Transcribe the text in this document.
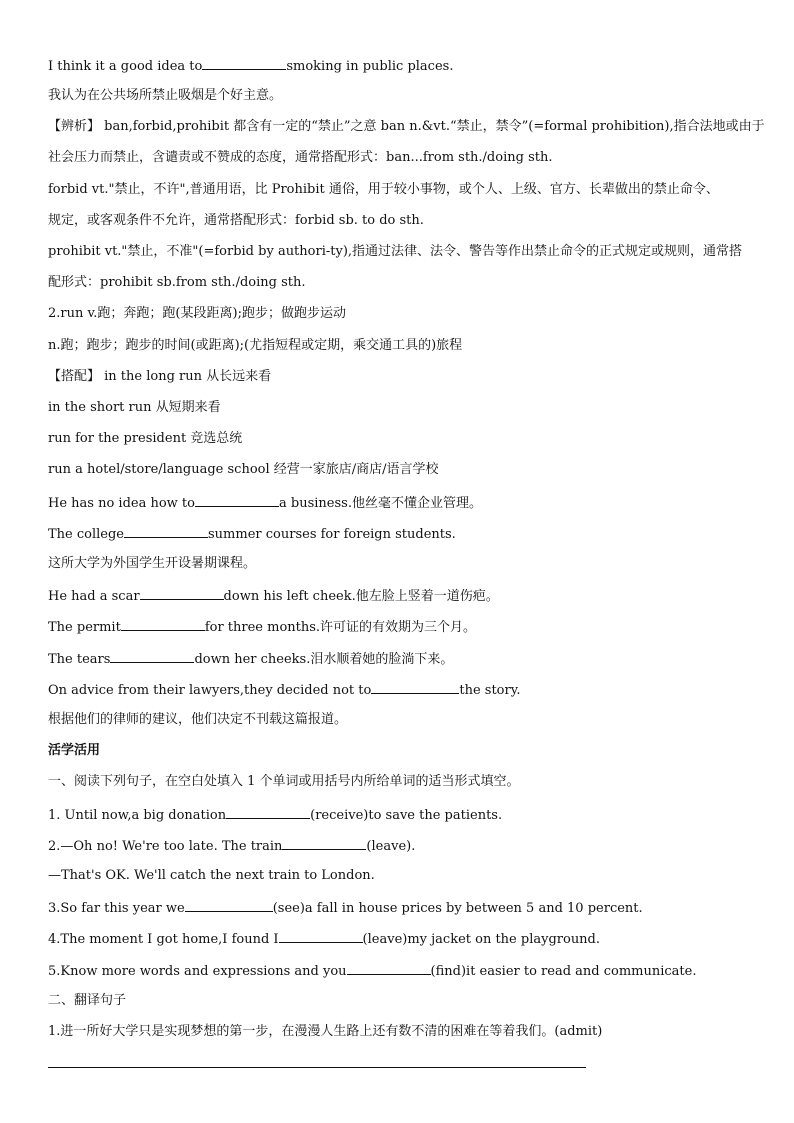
I think it a good idea to	smoking in public places.
我认为在公共场所禁止吸烟是个好主意。
【辨析】 ban,forbid,prohibit 都含有一定的“禁止”之意 ban n.&vt.“禁止，禁令”(=formal prohibition),指合法地或由于
社会压力而禁止，含谴责或不赞成的态度，通常搭配形式：ban...from sth./doing sth.
forbid vt."禁止，不许",普通用语，比 Prohibit 通俗，用于较小事物，或个人、上级、官方、长辈做出的禁止命令、
规定，或客观条件不允许，通常搭配形式：forbid sb. to do sth.
prohibit vt."禁止，不准"(=forbid by authori-ty),指通过法律、法令、警告等作出禁止命令的正式规定或规则，通常搭
配形式：prohibit sb.from sth./doing sth.
2.run v.跑；奔跑；跑(某段距离);跑步；做跑步运动
n.跑；跑步；跑步的时间(或距离);(尤指短程或定期，乘交通工具的)旅程
【搭配】 in the long run 从长远来看
in the short run 从短期来看
run for the president 竞选总统
run a hotel/store/language school 经营一家旅店/商店/语言学校
He has no idea how to	a business.他丝毫不懂企业管理。
The college	summer courses for foreign students.
这所大学为外国学生开设暑期课程。
He had a scar	down his left cheek.他左脸上竖着一道伤疤。
The permit	for three months.许可证的有效期为三个月。
The tears	down her cheeks.泪水顺着她的脸淌下来。
On advice from their lawyers,they decided not to	the story.
根据他们的律师的建议，他们决定不刊载这篇报道。
活学活用
一、阅读下列句子，在空白处填入 1 个单词或用括号内所给单词的适当形式填空。
1. Until now,a big donation	(receive)to save the patients.
2.—Oh no! We're too late. The train	(leave).
—That's OK. We'll catch the next train to London.
3.So far this year we	(see)a fall in house prices by between 5 and 10 percent.
4.The moment I got home,I found I	(leave)my jacket on the playground.
5.Know more words and expressions and you	(find)it easier to read and communicate.
二、翻译句子
1.进一所好大学只是实现梦想的第一步，在漫漫人生路上还有数不清的困难在等着我们。(admit)
